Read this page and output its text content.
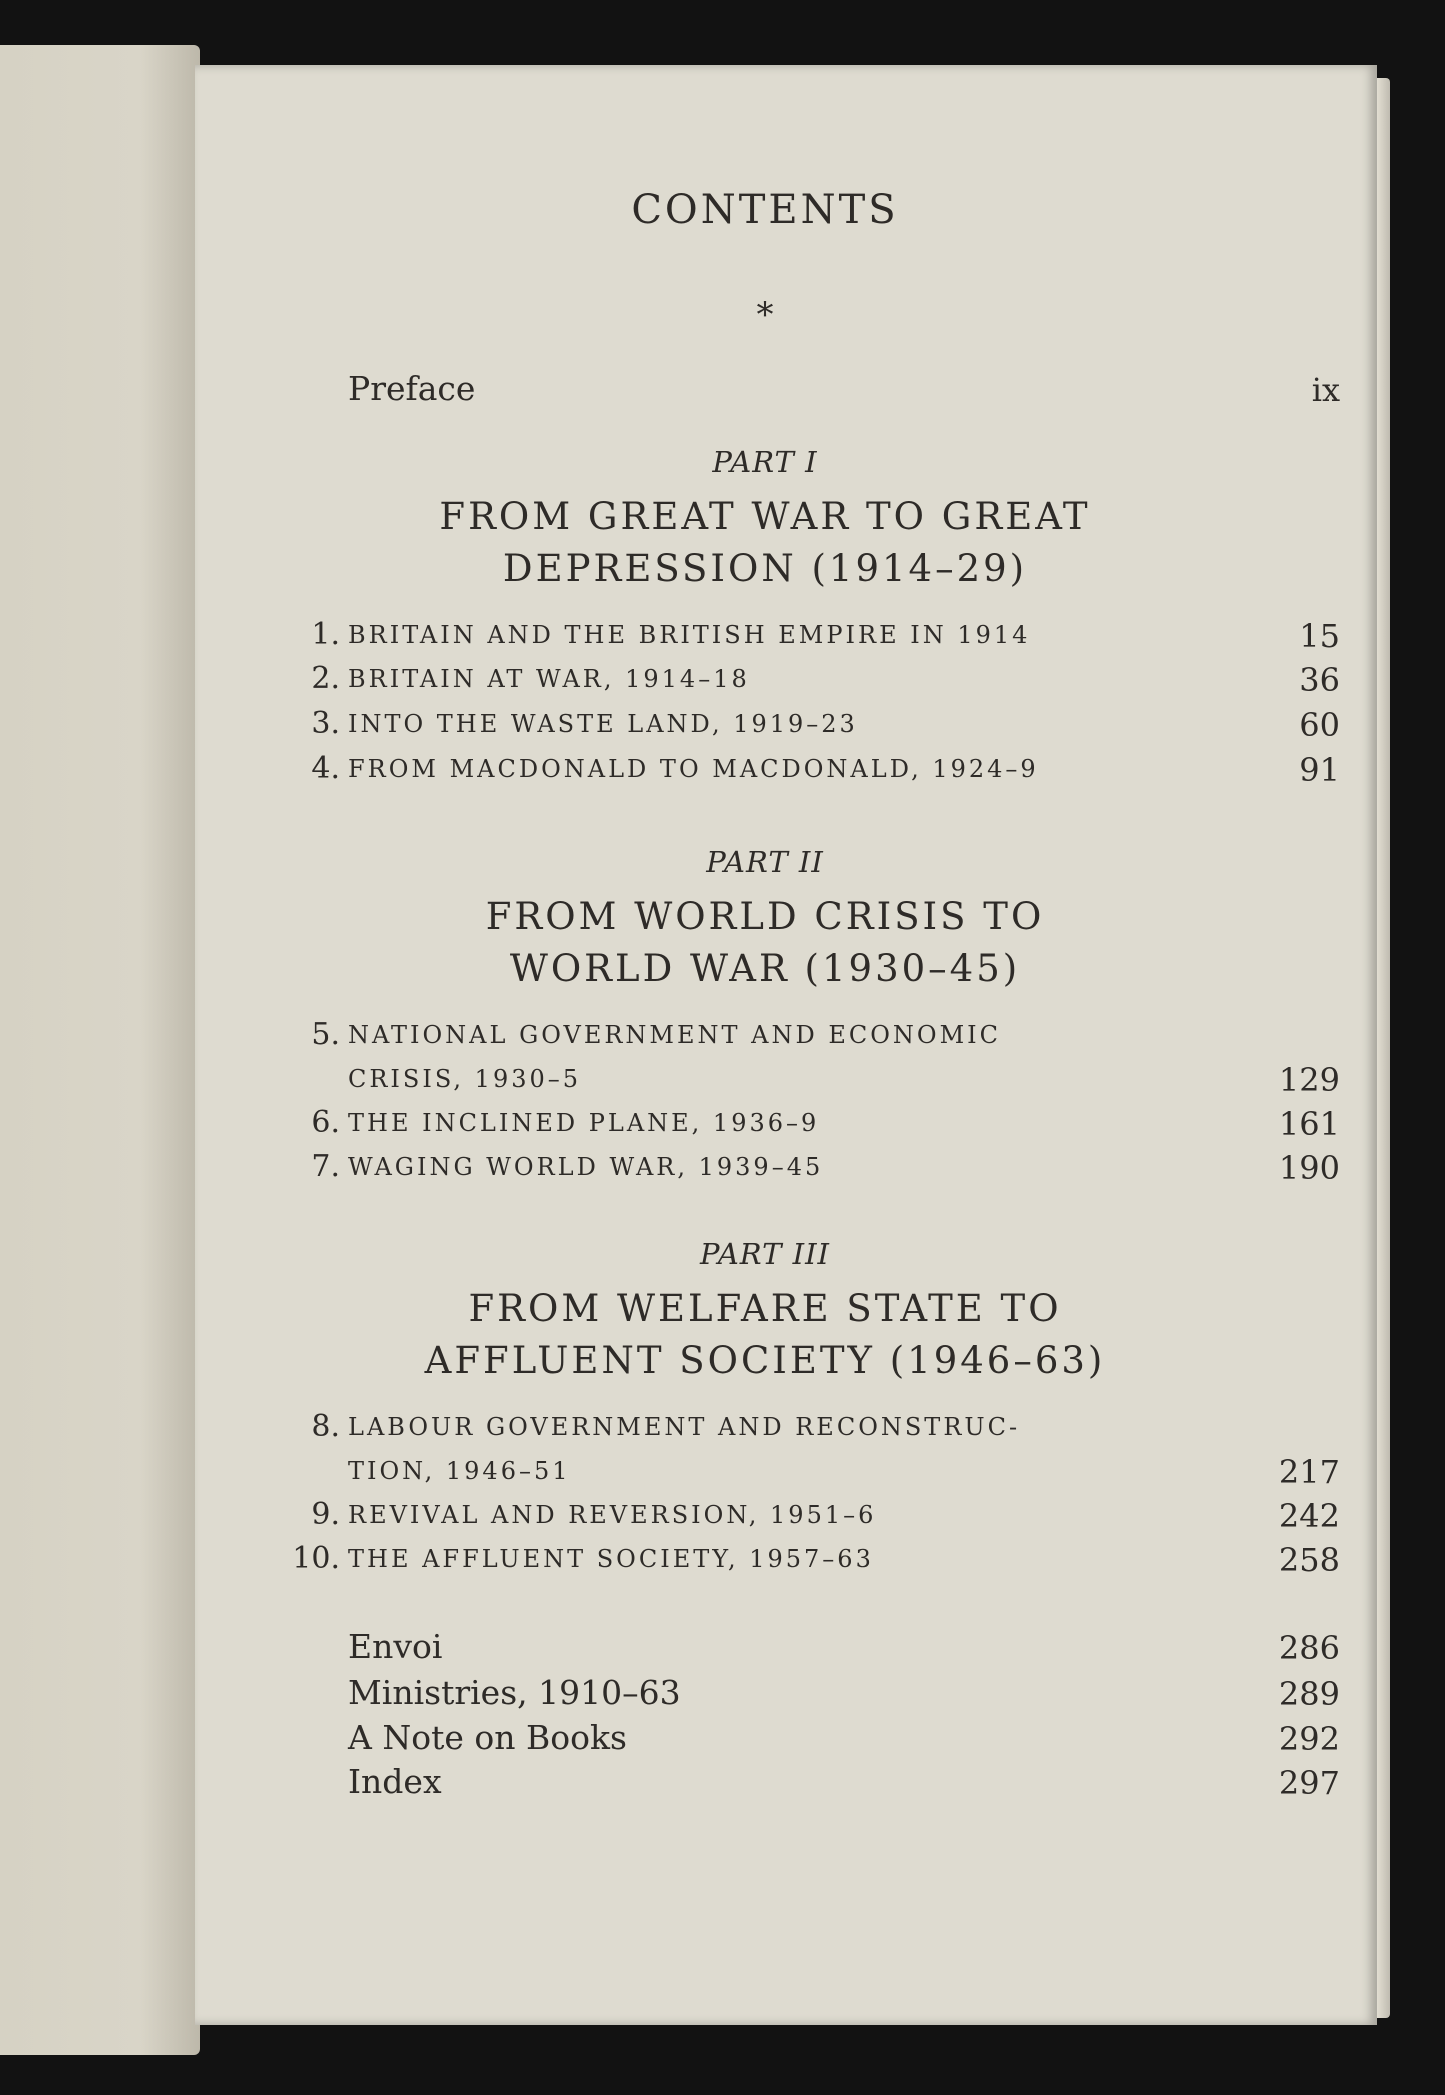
CONTENTS
*
Preface	ix
PART I
FROM GREAT WAR TO GREAT
DEPRESSION (1914–29)
1. BRITAIN AND THE BRITISH EMPIRE IN 1914	15
2. BRITAIN AT WAR, 1914–18	36
3. INTO THE WASTE LAND, 1919–23	60
4. FROM MACDONALD TO MACDONALD, 1924–9	91
PART II
FROM WORLD CRISIS TO
WORLD WAR (1930–45)
5. NATIONAL GOVERNMENT AND ECONOMIC
CRISIS, 1930–5	129
6. THE INCLINED PLANE, 1936–9	161
7. WAGING WORLD WAR, 1939–45	190
PART III
FROM WELFARE STATE TO
AFFLUENT SOCIETY (1946–63)
8. LABOUR GOVERNMENT AND RECONSTRUC-
TION, 1946–51	217
9. REVIVAL AND REVERSION, 1951–6	242
10. THE AFFLUENT SOCIETY, 1957–63	258
Envoi	286
Ministries, 1910–63	289
A Note on Books	292
Index	297
